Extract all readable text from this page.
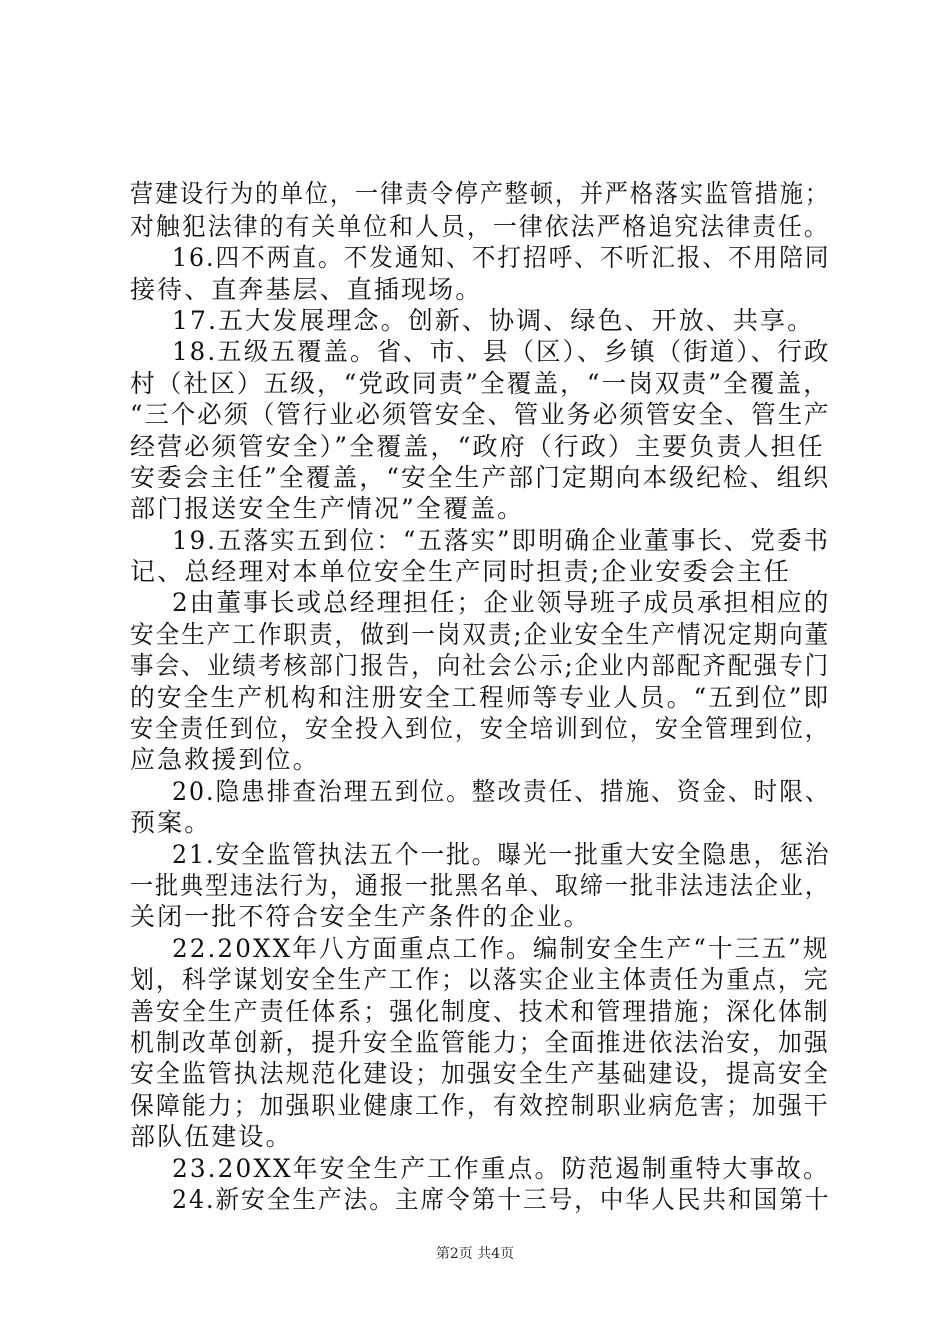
营建设行为的单位，一律责令停产整顿，并严格落实监管措施；
对触犯法律的有关单位和人员，一律依法严格追究法律责任。
16.四不两直。不发通知、不打招呼、不听汇报、不用陪同
接待、直奔基层、直插现场。
17.五大发展理念。创新、协调、绿色、开放、共享。
18.五级五覆盖。省、市、县（区）、乡镇（街道）、行政
村（社区）五级，“党政同责”全覆盖，“一岗双责”全覆盖，
“三个必须（管行业必须管安全、管业务必须管安全、管生产
经营必须管安全）”全覆盖，“政府（行政）主要负责人担任
安委会主任”全覆盖，“安全生产部门定期向本级纪检、组织
部门报送安全生产情况”全覆盖。
19.五落实五到位：“五落实”即明确企业董事长、党委书
记、总经理对本单位安全生产同时担责;企业安委会主任
2由董事长或总经理担任；企业领导班子成员承担相应的
安全生产工作职责，做到一岗双责;企业安全生产情况定期向董
事会、业绩考核部门报告，向社会公示;企业内部配齐配强专门
的安全生产机构和注册安全工程师等专业人员。“五到位”即
安全责任到位，安全投入到位，安全培训到位，安全管理到位，
应急救援到位。
20.隐患排查治理五到位。整改责任、措施、资金、时限、
预案。
21.安全监管执法五个一批。曝光一批重大安全隐患，惩治
一批典型违法行为，通报一批黑名单、取缔一批非法违法企业，
关闭一批不符合安全生产条件的企业。
22.20XX年八方面重点工作。编制安全生产“十三五”规
划，科学谋划安全生产工作；以落实企业主体责任为重点，完
善安全生产责任体系；强化制度、技术和管理措施；深化体制
机制改革创新，提升安全监管能力；全面推进依法治安，加强
安全监管执法规范化建设；加强安全生产基础建设，提高安全
保障能力；加强职业健康工作，有效控制职业病危害；加强干
部队伍建设。
23.20XX年安全生产工作重点。防范遏制重特大事故。
24.新安全生产法。主席令第十三号，中华人民共和国第十
第2页 共4页
